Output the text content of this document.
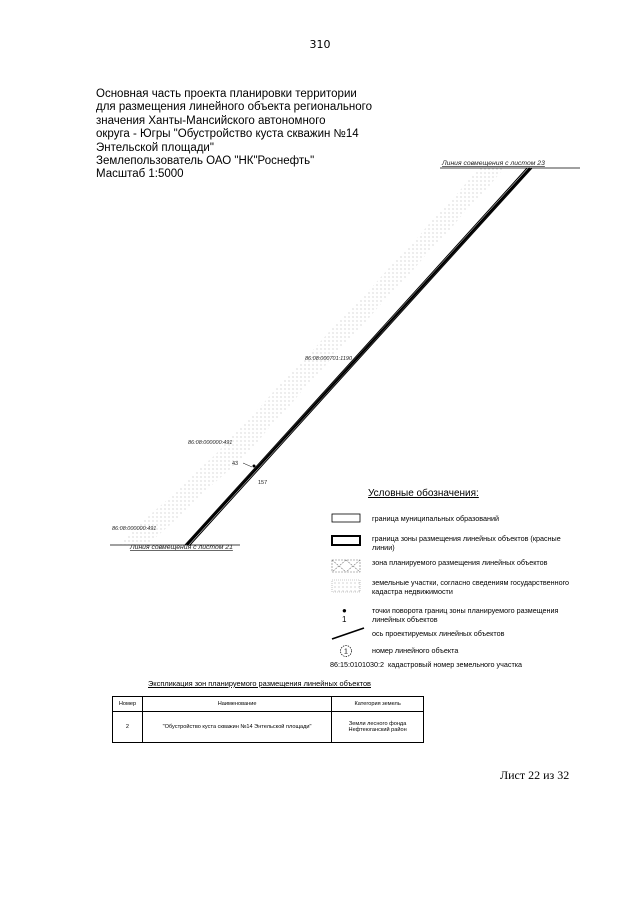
310
Основная часть проекта планировки территории
для размещения линейного объекта регионального
значения Ханты-Мансийского автономного
округа - Югры "Обустройство куста скважин №14
Энтельской площади"
Землепользователь ОАО "НК"Роснефть"
Масштаб 1:5000
Линия совмещения с листом 23
Линия совмещения с листом 21
86:08:000701:1190
86:08:000000:491
86:08:000000:491
43
157
Условные обозначения:
граница муниципальных образований
граница зоны размещения линейных объектов (красные линии)
зона планируемого размещения линейных объектов
земельные участки, согласно сведениям государственного кадастра недвижимости
● 1
точки поворота границ зоны планируемого размещения линейных объектов
ось проектируемых линейных объектов
1	номер линейного объекта
86:15:0101030:2 кадастровый номер земельного участка
Экспликация зон планируемого размещения линейных объектов
Номер	Наименование	Категория земель
2	"Обустройство куста скважин №14 Энтельской площади"	Земли лесного фонда
Нефтеюганский район
Лист 22 из 32
